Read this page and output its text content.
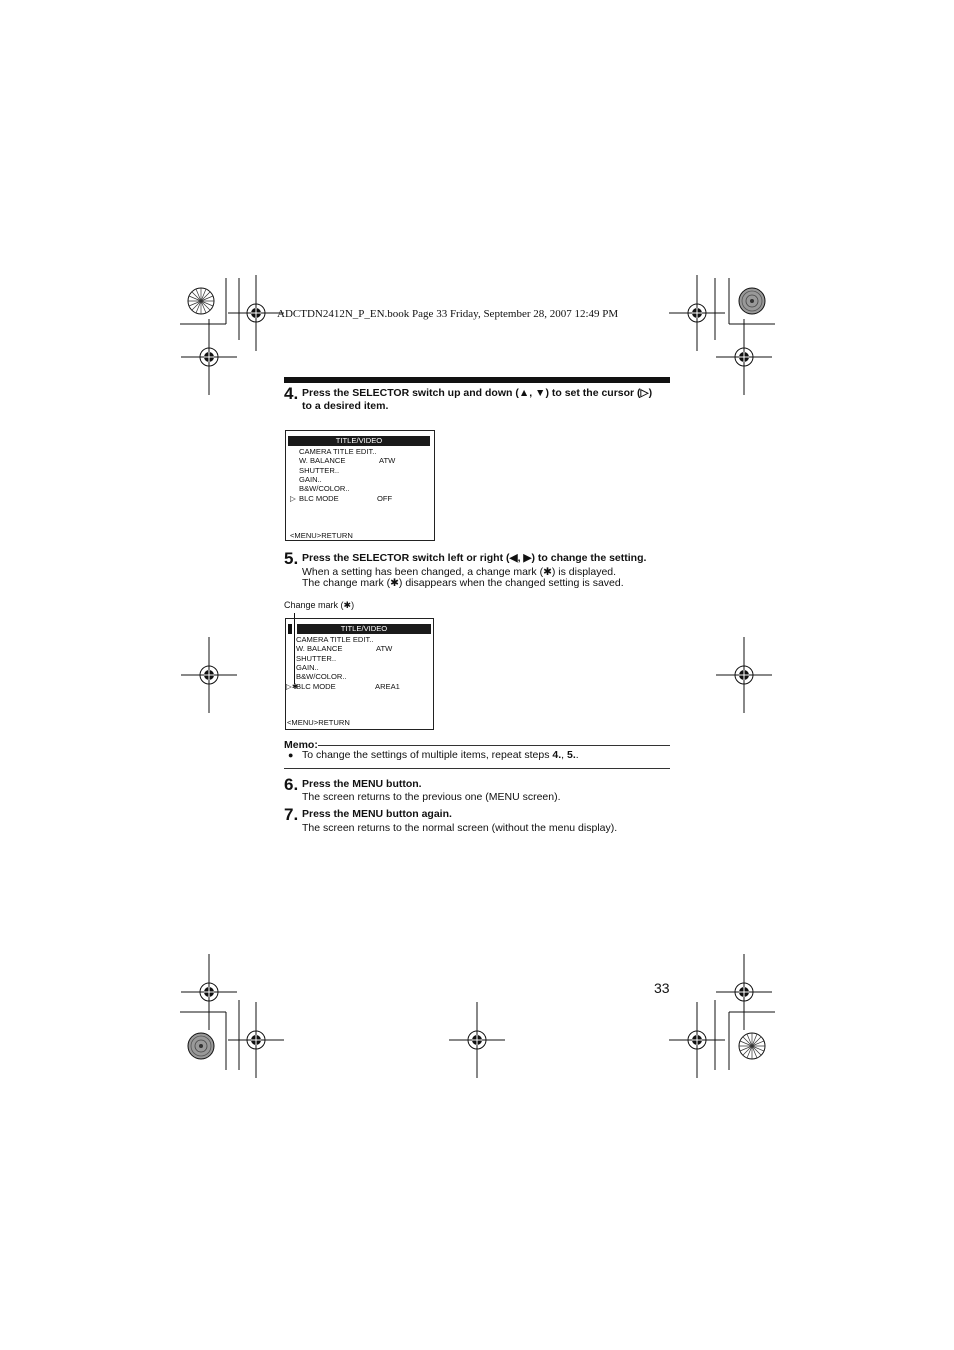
ADCTDN2412N_P_EN.book Page 33 Friday, September 28, 2007 12:49 PM
4. Press the SELECTOR switch up and down (▲, ▼) to set the cursor (▷)
to a desired item.
TITLE/VIDEO
CAMERA TITLE EDIT..
W. BALANCE	ATW
SHUTTER..
GAIN..
B&W/COLOR..
▷ BLC MODE	OFF
<MENU>RETURN
5. Press the SELECTOR switch left or right (◀, ▶) to change the setting.
When a setting has been changed, a change mark (✱) is displayed.
The change mark (✱) disappears when the changed setting is saved.
Change mark (✱)
TITLE/VIDEO
CAMERA TITLE EDIT..
W. BALANCE	ATW
SHUTTER..
GAIN..
B&W/COLOR..
▷✱
BLC MODE	AREA1
<MENU>RETURN
Memo:
● To change the settings of multiple items, repeat steps 4., 5..
6. Press the MENU button.
The screen returns to the previous one (MENU screen).
7. Press the MENU button again.
The screen returns to the normal screen (without the menu display).
33
